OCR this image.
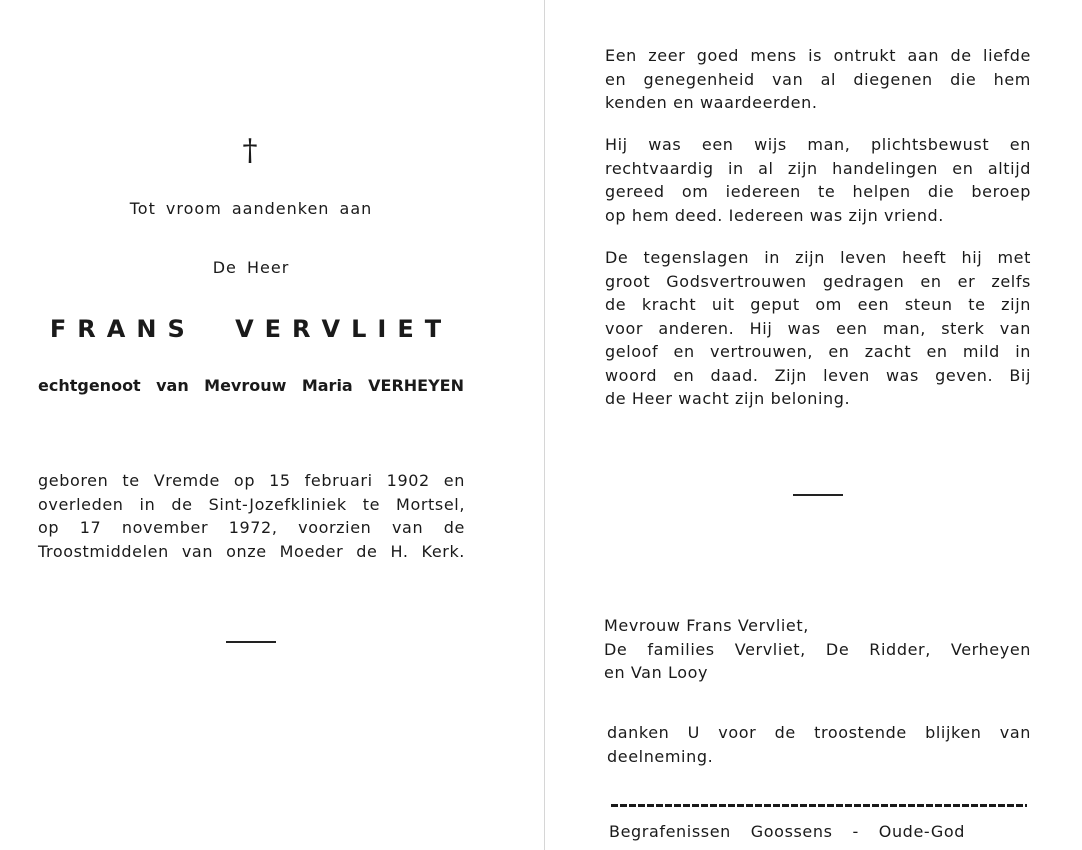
†
Tot vroom aandenken aan
De Heer
FRANS VERVLIET
echtgenoot van Mevrouw Maria VERHEYEN
geboren te Vremde op 15 februari 1902 en
overleden in de Sint-Jozefkliniek te Mortsel,
op 17 november 1972, voorzien van de
Troostmiddelen van onze Moeder de H. Kerk.
Een zeer goed mens is ontrukt aan de liefde
en genegenheid van al diegenen die hem
kenden en waardeerden.
Hij was een wijs man, plichtsbewust en
rechtvaardig in al zijn handelingen en altijd
gereed om iedereen te helpen die beroep
op hem deed. Iedereen was zijn vriend.
De tegenslagen in zijn leven heeft hij met
groot Godsvertrouwen gedragen en er zelfs
de kracht uit geput om een steun te zijn
voor anderen. Hij was een man, sterk van
geloof en vertrouwen, en zacht en mild in
woord en daad. Zijn leven was geven. Bij
de Heer wacht zijn beloning.
Mevrouw Frans Vervliet,
De families Vervliet, De Ridder, Verheyen
en Van Looy
danken U voor de troostende blijken van
deelneming.
Begrafenissen Goossens - Oude-God
